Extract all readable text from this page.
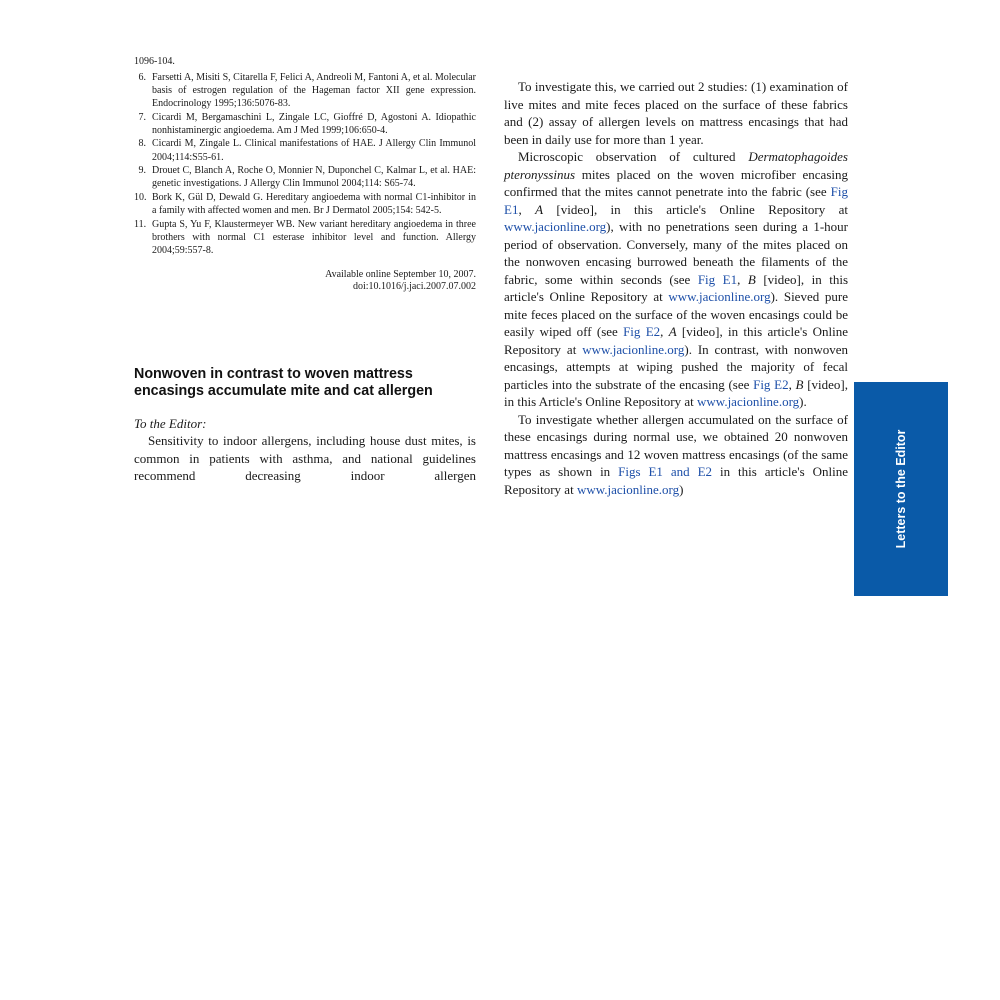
1096-104.
6. Farsetti A, Misiti S, Citarella F, Felici A, Andreoli M, Fantoni A, et al. Molecular basis of estrogen regulation of the Hageman factor XII gene expression. Endocrinology 1995;136:5076-83.
7. Cicardi M, Bergamaschini L, Zingale LC, Gioffré D, Agostoni A. Idiopathic nonhistaminergic angioedema. Am J Med 1999;106:650-4.
8. Cicardi M, Zingale L. Clinical manifestations of HAE. J Allergy Clin Immunol 2004;114:S55-61.
9. Drouet C, Blanch A, Roche O, Monnier N, Duponchel C, Kalmar L, et al. HAE: genetic investigations. J Allergy Clin Immunol 2004;114: S65-74.
10. Bork K, Gül D, Dewald G. Hereditary angioedema with normal C1-inhibitor in a family with affected women and men. Br J Dermatol 2005;154: 542-5.
11. Gupta S, Yu F, Klaustermeyer WB. New variant hereditary angioedema in three brothers with normal C1 esterase inhibitor level and function. Allergy 2004;59:557-8.
Available online September 10, 2007.
doi:10.1016/j.jaci.2007.07.002
Nonwoven in contrast to woven mattress encasings accumulate mite and cat allergen
To the Editor:

Sensitivity to indoor allergens, including house dust mites, is common in patients with asthma, and national guidelines recommend decreasing indoor allergen

To investigate this, we carried out 2 studies: (1) examination of live mites and mite feces placed on the surface of these fabrics and (2) assay of allergen levels on mattress encasings that had been in daily use for more than 1 year.

Microscopic observation of cultured Dermatophagoides pteronyssinus mites placed on the woven microfiber encasing confirmed that the mites cannot penetrate into the fabric (see Fig E1, A [video], in this article's Online Repository at www.jacionline.org), with no penetrations seen during a 1-hour period of observation. Conversely, many of the mites placed on the nonwoven encasing burrowed beneath the filaments of the fabric, some within seconds (see Fig E1, B [video], in this article's Online Repository at www.jacionline.org). Sieved pure mite feces placed on the surface of the woven encasings could be easily wiped off (see Fig E2, A [video], in this article's Online Repository at www.jacionline.org). In contrast, with nonwoven encasings, attempts at wiping pushed the majority of fecal particles into the substrate of the encasing (see Fig E2, B [video], in this Article's Online Repository at www.jacionline.org).

To investigate whether allergen accumulated on the surface of these encasings during normal use, we obtained 20 nonwoven mattress encasings and 12 woven mattress encasings (of the same types as shown in Figs E1 and E2 in this article's Online Repository at www.jacionline.org)	Letters to the Editor
